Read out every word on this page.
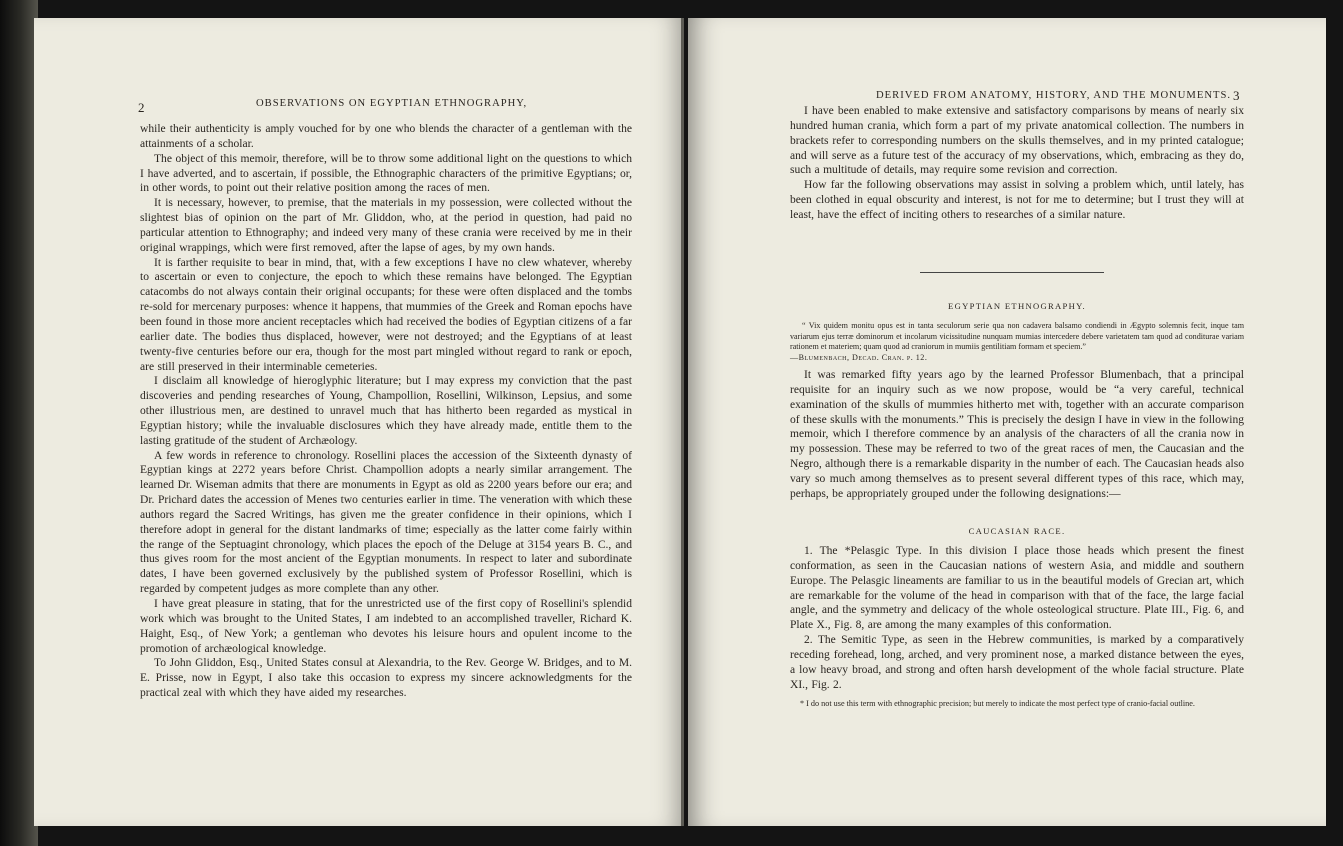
2	OBSERVATIONS ON EGYPTIAN ETHNOGRAPHY,

while their authenticity is amply vouched for by one who blends the character of a gentleman with the attainments of a scholar.

The object of this memoir, therefore, will be to throw some additional light on the questions to which I have adverted, and to ascertain, if possible, the Ethnographic characters of the primitive Egyptians; or, in other words, to point out their relative position among the races of men.

It is necessary, however, to premise, that the materials in my possession, were collected without the slightest bias of opinion on the part of Mr. Gliddon, who, at the period in question, had paid no particular attention to Ethnography; and indeed very many of these crania were received by me in their original wrappings, which were first removed, after the lapse of ages, by my own hands.

It is farther requisite to bear in mind, that, with a few exceptions I have no clew whatever, whereby to ascertain or even to conjecture, the epoch to which these remains have belonged. The Egyptian catacombs do not always contain their original occupants; for these were often displaced and the tombs re-sold for mercenary purposes: whence it happens, that mummies of the Greek and Roman epochs have been found in those more ancient receptacles which had received the bodies of Egyptian citizens of a far earlier date. The bodies thus displaced, however, were not destroyed; and the Egyptians of at least twenty-five centuries before our era, though for the most part mingled without regard to rank or epoch, are still preserved in their interminable cemeteries.

I disclaim all knowledge of hieroglyphic literature; but I may express my conviction that the past discoveries and pending researches of Young, Champollion, Rosellini, Wilkinson, Lepsius, and some other illustrious men, are destined to unravel much that has hitherto been regarded as mystical in Egyptian history; while the invaluable disclosures which they have already made, entitle them to the lasting gratitude of the student of Archæology.

A few words in reference to chronology. Rosellini places the accession of the Sixteenth dynasty of Egyptian kings at 2272 years before Christ. Champollion adopts a nearly similar arrangement. The learned Dr. Wiseman admits that there are monuments in Egypt as old as 2200 years before our era; and Dr. Prichard dates the accession of Menes two centuries earlier in time. The veneration with which these authors regard the Sacred Writings, has given me the greater confidence in their opinions, which I therefore adopt in general for the distant landmarks of time; especially as the latter come fairly within the range of the Septuagint chronology, which places the epoch of the Deluge at 3154 years B. C., and thus gives room for the most ancient of the Egyptian monuments. In respect to later and subordinate dates, I have been governed exclusively by the published system of Professor Rosellini, which is regarded by competent judges as more complete than any other.

I have great pleasure in stating, that for the unrestricted use of the first copy of Rosellini's splendid work which was brought to the United States, I am indebted to an accomplished traveller, Richard K. Haight, Esq., of New York; a gentleman who devotes his leisure hours and opulent income to the promotion of archæological knowledge.

To John Gliddon, Esq., United States consul at Alexandria, to the Rev. George W. Bridges, and to M. E. Prisse, now in Egypt, I also take this occasion to express my sincere acknowledgments for the practical zeal with which they have aided my researches.

DERIVED FROM ANATOMY, HISTORY, AND THE MONUMENTS. 3

I have been enabled to make extensive and satisfactory comparisons by means of nearly six hundred human crania, which form a part of my private anatomical collection. The numbers in brackets refer to corresponding numbers on the skulls themselves, and in my printed catalogue; and will serve as a future test of the accuracy of my observations, which, embracing as they do, such a multitude of details, may require some revision and correction.

How far the following observations may assist in solving a problem which, until lately, has been clothed in equal obscurity and interest, is not for me to determine; but I trust they will at least, have the effect of inciting others to researches of a similar nature.

EGYPTIAN ETHNOGRAPHY.

“ Vix quidem monitu opus est in tanta seculorum serie qua non cadavera balsamo condiendi in Ægypto solemnis fecit, inque tam variarum ejus terræ dominorum et incolarum vicissitudine nunquam mumias intercedere debere varietatem tam quod ad conditurae variam rationem et materiem; quam quod ad craniorum in mumiis gentilitiam formam et speciem.”

—Blumenbach, Decad. Cran. p. 12.

It was remarked fifty years ago by the learned Professor Blumenbach, that a principal requisite for an inquiry such as we now propose, would be “a very careful, technical examination of the skulls of mummies hitherto met with, together with an accurate comparison of these skulls with the monuments.” This is precisely the design I have in view in the following memoir, which I therefore commence by an analysis of the characters of all the crania now in my possession. These may be referred to two of the great races of men, the Caucasian and the Negro, although there is a remarkable disparity in the number of each. The Caucasian heads also vary so much among themselves as to present several different types of this race, which may, perhaps, be appropriately grouped under the following designations:—

CAUCASIAN RACE.

1. The *Pelasgic Type. In this division I place those heads which present the finest conformation, as seen in the Caucasian nations of western Asia, and middle and southern Europe. The Pelasgic lineaments are familiar to us in the beautiful models of Grecian art, which are remarkable for the volume of the head in comparison with that of the face, the large facial angle, and the symmetry and delicacy of the whole osteological structure. Plate III., Fig. 6, and Plate X., Fig. 8, are among the many examples of this conformation.

2. The Semitic Type, as seen in the Hebrew communities, is marked by a comparatively receding forehead, long, arched, and very prominent nose, a marked distance between the eyes, a low heavy broad, and strong and often harsh development of the whole facial structure. Plate XI., Fig. 2.

* I do not use this term with ethnographic precision; but merely to indicate the most perfect type of cranio-facial outline.
